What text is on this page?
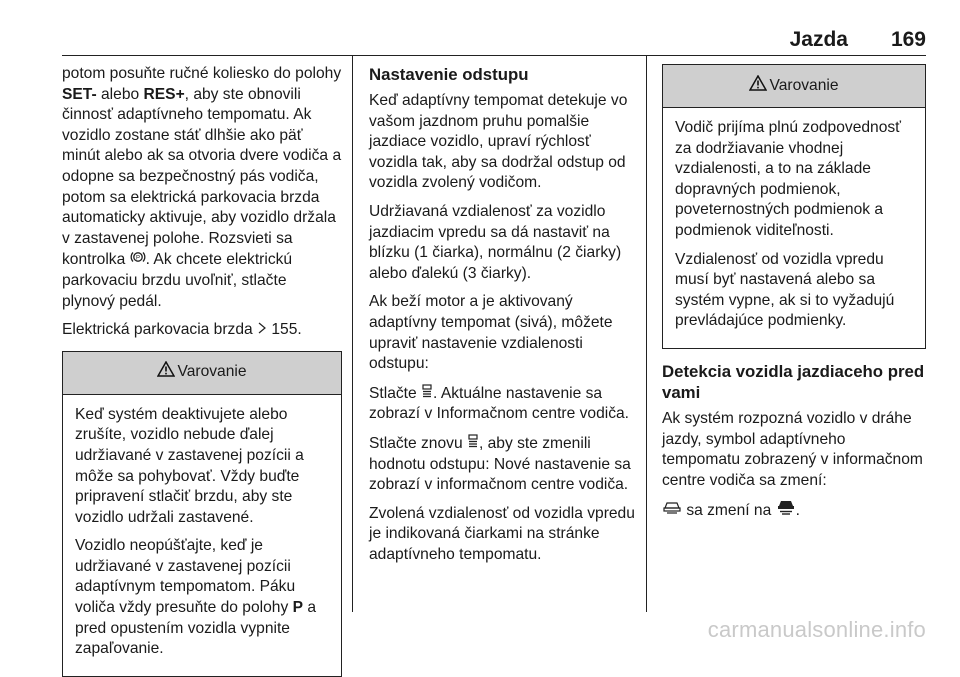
Jazda 169

potom posuňte ručné koliesko do polohy SET- alebo RES+, aby ste obnovili činnosť adaptívneho tempomatu. Ak vozidlo zostane stáť dlhšie ako päť minút alebo ak sa otvoria dvere vodiča a odopne sa bezpečnostný pás vodiča, potom sa elektrická parkovacia brzda automaticky aktivuje, aby vozidlo držala v zastavenej polohe. Rozsvieti sa kontrolka P . Ak chcete elektrickú parkovaciu brzdu uvoľniť, stlačte plynový pedál.

Elektrická parkovacia brzda  155.

Varovanie

Keď systém deaktivujete alebo zrušíte, vozidlo nebude ďalej udržiavané v zastavenej pozícii a môže sa pohybovať. Vždy buďte pripravení stlačiť brzdu, aby ste vozidlo udržali zastavené.

Vozidlo neopúšťajte, keď je udržiavané v zastavenej pozícii adaptívnym tempomatom. Páku voliča vždy presuňte do polohy P a pred opustením vozidla vypnite zapaľovanie.

Nastavenie odstupu

Keď adaptívny tempomat detekuje vo vašom jazdnom pruhu pomalšie jazdiace vozidlo, upraví rýchlosť vozidla tak, aby sa dodržal odstup od vozidla zvolený vodičom.

Udržiavaná vzdialenosť za vozidlo jazdiacim vpredu sa dá nastaviť na blízku (1 čiarka), normálnu (2 čiarky) alebo ďalekú (3 čiarky).

Ak beží motor a je aktivovaný adaptívny tempomat (sivá), môžete upraviť nastavenie vzdialenosti odstupu:

Stlačte . Aktuálne nastavenie sa zobrazí v Informačnom centre vodiča.

Stlačte znovu , aby ste zmenili hodnotu odstupu: Nové nastavenie sa zobrazí v informačnom centre vodiča.

Zvolená vzdialenosť od vozidla vpredu je indikovaná čiarkami na stránke adaptívneho tempomatu.

Varovanie

Vodič prijíma plnú zodpovednosť za dodržiavanie vhodnej vzdialenosti, a to na základe dopravných podmienok, poveternostných podmienok a podmienok viditeľnosti.

Vzdialenosť od vozidla vpredu musí byť nastavená alebo sa systém vypne, ak si to vyžadujú prevládajúce podmienky.

Detekcia vozidla jazdiaceho pred vami

Ak systém rozpozná vozidlo v dráhe jazdy, symbol adaptívneho tempomatu zobrazený v informačnom centre vodiča sa zmení:

sa zmení na .

carmanualsonline.info
